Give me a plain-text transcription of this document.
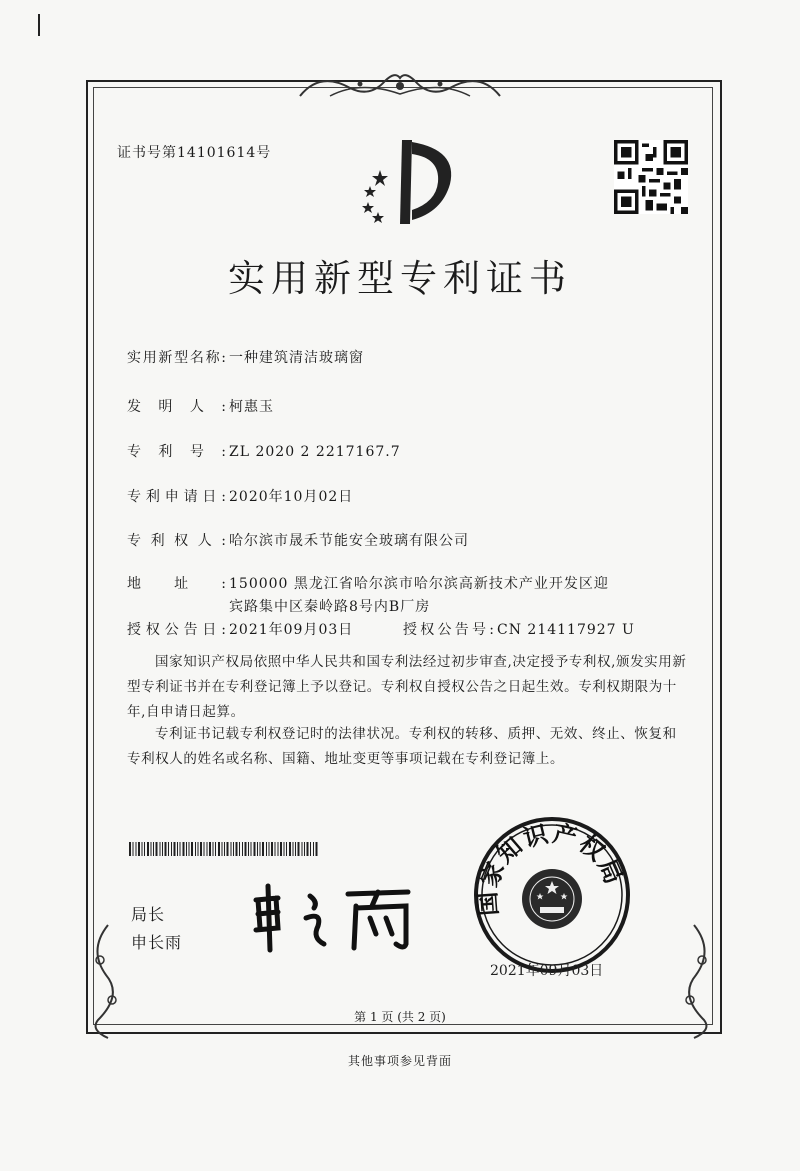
证书号第14101614号
实用新型专利证书
实用新型名称: 一种建筑清洁玻璃窗
发明人: 柯惠玉
专利号: ZL 2020 2 2217167.7
专利申请日: 2020年10月02日
专利权人: 哈尔滨市晟禾节能安全玻璃有限公司
地址: 150000 黑龙江省哈尔滨市哈尔滨高新技术产业开发区迎
宾路集中区秦岭路8号内B厂房
授权公告日: 2021年09月03日	授权公告号: CN 214117927 U
国家知识产权局依照中华人民共和国专利法经过初步审查,决定授予专利权,颁发实用新型专利证书并在专利登记簿上予以登记。专利权自授权公告之日起生效。专利权期限为十年,自申请日起算。
专利证书记载专利权登记时的法律状况。专利权的转移、质押、无效、终止、恢复和专利权人的姓名或名称、国籍、地址变更等事项记载在专利登记簿上。
局长
申长雨
国家知识产权局
2021年09月03日
第 1 页 (共 2 页)
其他事项参见背面
